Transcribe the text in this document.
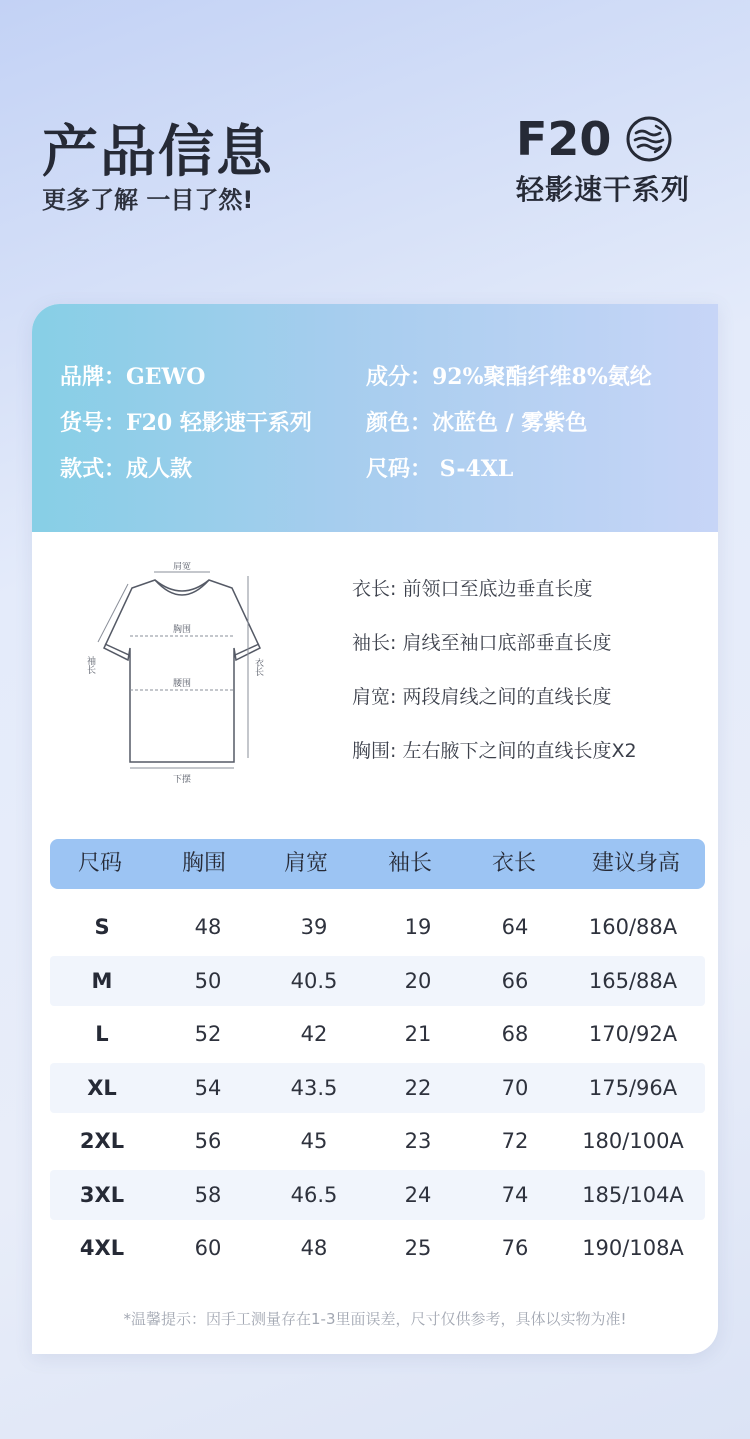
产品信息
更多了解 一目了然!
F20
轻影速干系列
品牌：GEWO	成分：92%聚酯纤维8%氨纶
货号：F20 轻影速干系列 颜色：冰蓝色 / 雾紫色
款式：成人款	尺码： S-4XL
肩宽
胸围
腰围
下摆
袖长	衣长
衣长: 前领口至底边垂直长度
袖长: 肩线至袖口底部垂直长度
肩宽: 两段肩线之间的直线长度
胸围: 左右腋下之间的直线长度X2
尺码	胸围	肩宽	袖长	衣长	建议身高
S	48	39	19	64	160/88A
M	50	40.5	20	66	165/88A
L	52	42	21	68	170/92A
XL	54	43.5	22	70	175/96A
2XL	56	45	23	72	180/100A
3XL	58	46.5	24	74	185/104A
4XL	60	48	25	76	190/108A
*温馨提示：因手工测量存在1-3里面误差，尺寸仅供参考，具体以实物为准!
